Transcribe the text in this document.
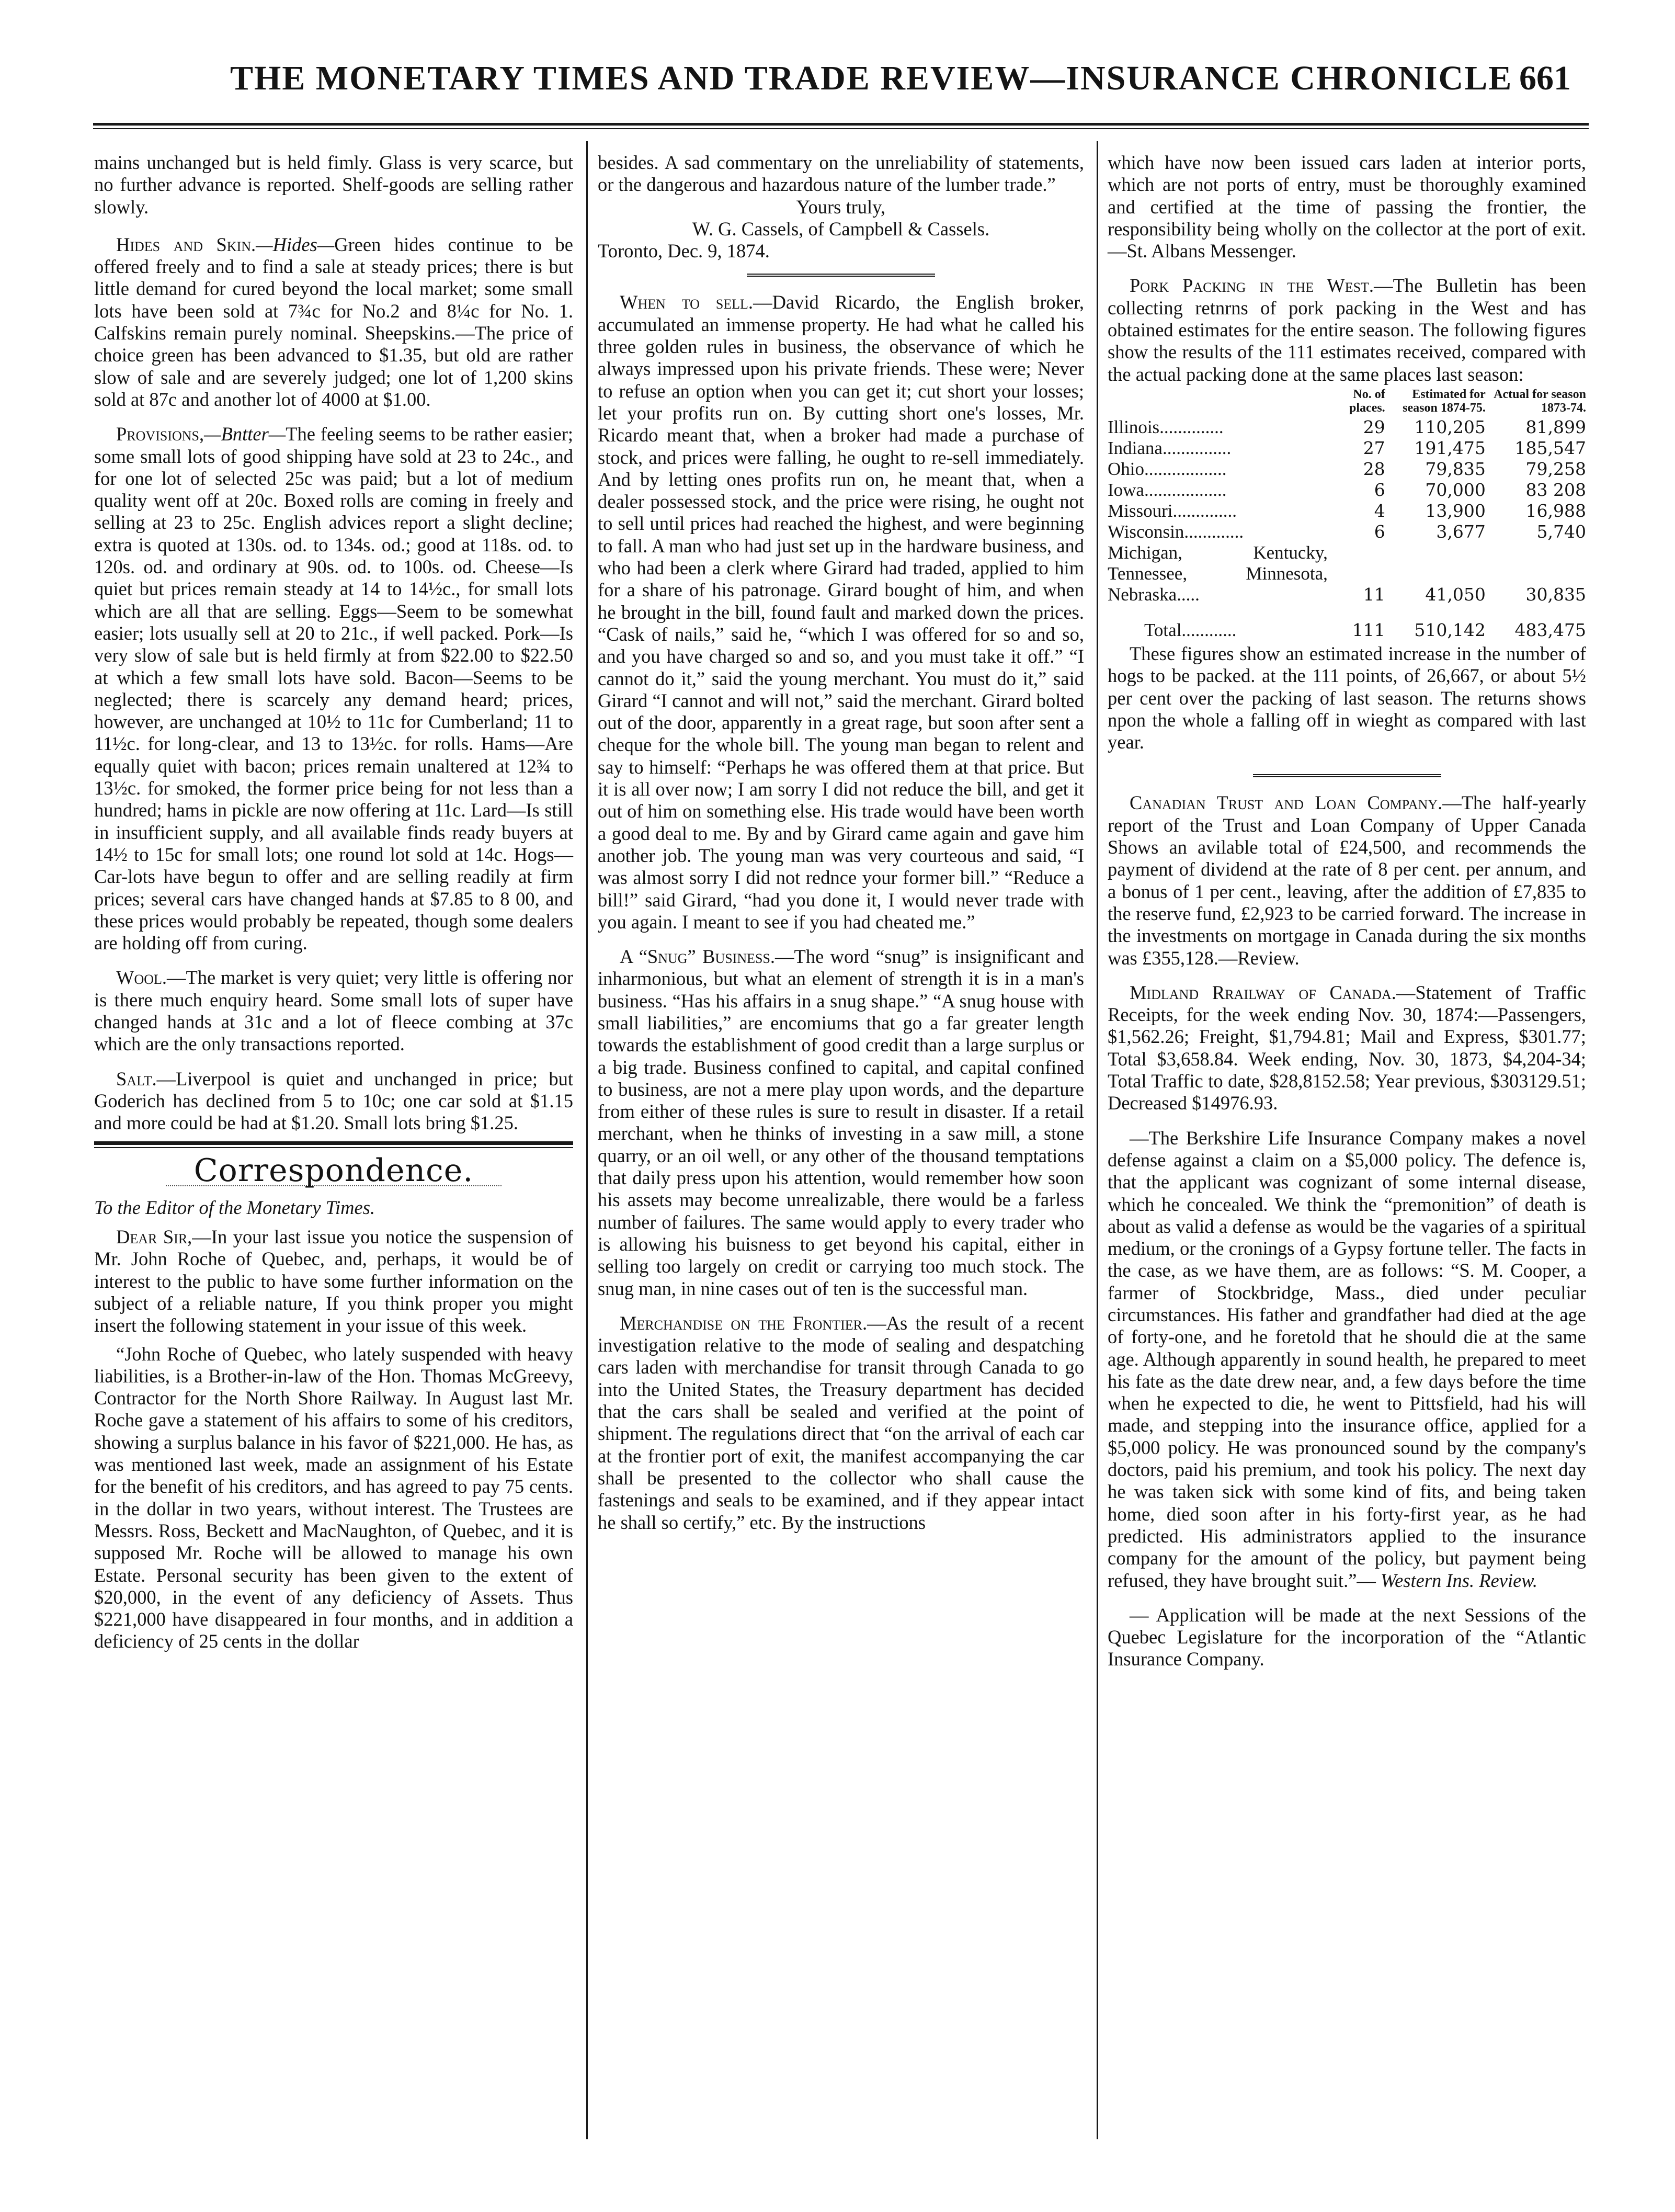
THE MONETARY TIMES AND TRADE REVIEW—INSURANCE CHRONICLE 661

mains unchanged but is held fimly. Glass is very scarce, but no further advance is reported. Shelf-goods are selling rather slowly.

Hides and Skin.—Hides—Green hides continue to be offered freely and to find a sale at steady prices; there is but little demand for cured beyond the local market; some small lots have been sold at 7¾c for No.2 and 8¼c for No. 1. Calfskins remain purely nominal. Sheepskins.—The price of choice green has been advanced to $1.35, but old are rather slow of sale and are severely judged; one lot of 1,200 skins sold at 87c and another lot of 4000 at $1.00.

Provisions,—Bntter—The feeling seems to be rather easier; some small lots of good shipping have sold at 23 to 24c., and for one lot of selected 25c was paid; but a lot of medium quality went off at 20c. Boxed rolls are coming in freely and selling at 23 to 25c. English advices report a slight decline; extra is quoted at 130s. od. to 134s. od.; good at 118s. od. to 120s. od. and ordinary at 90s. od. to 100s. od. Cheese—Is quiet but prices remain steady at 14 to 14½c., for small lots which are all that are selling. Eggs—Seem to be somewhat easier; lots usually sell at 20 to 21c., if well packed. Pork—Is very slow of sale but is held firmly at from $22.00 to $22.50 at which a few small lots have sold. Bacon—Seems to be neglected; there is scarcely any demand heard; prices, however, are unchanged at 10½ to 11c for Cumberland; 11 to 11½c. for long-clear, and 13 to 13½c. for rolls. Hams—Are equally quiet with bacon; prices remain unaltered at 12¾ to 13½c. for smoked, the former price being for not less than a hundred; hams in pickle are now offering at 11c. Lard—Is still in insufficient supply, and all available finds ready buyers at 14½ to 15c for small lots; one round lot sold at 14c. Hogs—Car-lots have begun to offer and are selling readily at firm prices; several cars have changed hands at $7.85 to 8 00, and these prices would probably be repeated, though some dealers are holding off from curing.

Wool.—The market is very quiet; very little is offering nor is there much enquiry heard. Some small lots of super have changed hands at 31c and a lot of fleece combing at 37c which are the only transactions reported.

Salt.—Liverpool is quiet and unchanged in price; but Goderich has declined from 5 to 10c; one car sold at $1.15 and more could be had at $1.20. Small lots bring $1.25.

Correspondence.

To the Editor of the Monetary Times.

Dear Sir,—In your last issue you notice the suspension of Mr. John Roche of Quebec, and, perhaps, it would be of interest to the public to have some further information on the subject of a reliable nature, If you think proper you might insert the following statement in your issue of this week.

“John Roche of Quebec, who lately suspended with heavy liabilities, is a Brother-in-law of the Hon. Thomas McGreevy, Contractor for the North Shore Railway. In August last Mr. Roche gave a statement of his affairs to some of his creditors, showing a surplus balance in his favor of $221,000. He has, as was mentioned last week, made an assignment of his Estate for the benefit of his creditors, and has agreed to pay 75 cents. in the dollar in two years, without interest. The Trustees are Messrs. Ross, Beckett and MacNaughton, of Quebec, and it is supposed Mr. Roche will be allowed to manage his own Estate. Personal security has been given to the extent of $20,000, in the event of any deficiency of Assets. Thus $221,000 have disappeared in four months, and in addition a deficiency of 25 cents in the dollar

besides. A sad commentary on the unreliability of statements, or the dangerous and hazardous nature of the lumber trade.”

Yours truly,

W. G. Cassels, of Campbell & Cassels.

Toronto, Dec. 9, 1874.

When to sell.—David Ricardo, the English broker, accumulated an immense property. He had what he called his three golden rules in business, the observance of which he always impressed upon his private friends. These were; Never to refuse an option when you can get it; cut short your losses; let your profits run on. By cutting short one's losses, Mr. Ricardo meant that, when a broker had made a purchase of stock, and prices were falling, he ought to re-sell immediately. And by letting ones profits run on, he meant that, when a dealer possessed stock, and the price were rising, he ought not to sell until prices had reached the highest, and were beginning to fall. A man who had just set up in the hardware business, and who had been a clerk where Girard had traded, applied to him for a share of his patronage. Girard bought of him, and when he brought in the bill, found fault and marked down the prices. “Cask of nails,” said he, “which I was offered for so and so, and you have charged so and so, and you must take it off.” “I cannot do it,” said the young merchant. You must do it,” said Girard “I cannot and will not,” said the merchant. Girard bolted out of the door, apparently in a great rage, but soon after sent a cheque for the whole bill. The young man began to relent and say to himself: “Perhaps he was offered them at that price. But it is all over now; I am sorry I did not reduce the bill, and get it out of him on something else. His trade would have been worth a good deal to me. By and by Girard came again and gave him another job. The young man was very courteous and said, “I was almost sorry I did not rednce your former bill.” “Reduce a bill!” said Girard, “had you done it, I would never trade with you again. I meant to see if you had cheated me.”

A “Snug” Business.—The word “snug” is insignificant and inharmonious, but what an element of strength it is in a man's business. “Has his affairs in a snug shape.” “A snug house with small liabilities,” are encomiums that go a far greater length towards the establishment of good credit than a large surplus or a big trade. Business confined to capital, and capital confined to business, are not a mere play upon words, and the departure from either of these rules is sure to result in disaster. If a retail merchant, when he thinks of investing in a saw mill, a stone quarry, or an oil well, or any other of the thousand temptations that daily press upon his attention, would remember how soon his assets may become unrealizable, there would be a farless number of failures. The same would apply to every trader who is allowing his buisness to get beyond his capital, either in selling too largely on credit or carrying too much stock. The snug man, in nine cases out of ten is the successful man.

Merchandise on the Frontier.—As the result of a recent investigation relative to the mode of sealing and despatching cars laden with merchandise for transit through Canada to go into the United States, the Treasury department has decided that the cars shall be sealed and verified at the point of shipment. The regulations direct that “on the arrival of each car at the frontier port of exit, the manifest accompanying the car shall be presented to the collector who shall cause the fastenings and seals to be examined, and if they appear intact he shall so certify,” etc. By the instructions

which have now been issued cars laden at interior ports, which are not ports of entry, must be thoroughly examined and certified at the time of passing the frontier, the responsibility being wholly on the collector at the port of exit. —St. Albans Messenger.

Pork Packing in the West.—The Bulletin has been collecting retnrns of pork packing in the West and has obtained estimates for the entire season. The following figures show the results of the 111 estimates received, compared with the actual packing done at the same places last season:

	No. of places.	Estimated for season 1874-75.	Actual for season 1873-74.
Illinois..............	29	110,205	81,899
Indiana...............	27	191,475	185,547
Ohio..................	28	79,835	79,258
Iowa..................	6	70,000	83 208
Missouri..............	4	13,900	16,988
Wisconsin.............	6	3,677	5,740
Michigan, Kentucky, Tennessee, Minnesota, Nebraska.....	11	41,050	30,835
Total............	111	510,142	483,475

These figures show an estimated increase in the number of hogs to be packed. at the 111 points, of 26,667, or about 5½ per cent over the packing of last season. The returns shows npon the whole a falling off in wieght as compared with last year.

Canadian Trust and Loan Company.—The half-yearly report of the Trust and Loan Company of Upper Canada Shows an avilable total of £24,500, and recommends the payment of dividend at the rate of 8 per cent. per annum, and a bonus of 1 per cent., leaving, after the addition of £7,835 to the reserve fund, £2,923 to be carried forward. The increase in the investments on mortgage in Canada during the six months was £355,128.—Review.

Midland Rrailway of Canada.—Statement of Traffic Receipts, for the week ending Nov. 30, 1874:—Passengers, $1,562.26; Freight, $1,794.81; Mail and Express, $301.77; Total $3,658.84. Week ending, Nov. 30, 1873, $4,204-34; Total Traffic to date, $28,8152.58; Year previous, $303129.51; Decreased $14976.93.

—The Berkshire Life Insurance Company makes a novel defense against a claim on a $5,000 policy. The defence is, that the applicant was cognizant of some internal disease, which he concealed. We think the “premonition” of death is about as valid a defense as would be the vagaries of a spiritual medium, or the cronings of a Gypsy fortune teller. The facts in the case, as we have them, are as follows: “S. M. Cooper, a farmer of Stockbridge, Mass., died under peculiar circumstances. His father and grandfather had died at the age of forty-one, and he foretold that he should die at the same age. Although apparently in sound health, he prepared to meet his fate as the date drew near, and, a few days before the time when he expected to die, he went to Pittsfield, had his will made, and stepping into the insurance office, applied for a $5,000 policy. He was pronounced sound by the company's doctors, paid his premium, and took his policy. The next day he was taken sick with some kind of fits, and being taken home, died soon after in his forty-first year, as he had predicted. His administrators applied to the insurance company for the amount of the policy, but payment being refused, they have brought suit.”— Western Ins. Review.

— Application will be made at the next Sessions of the Quebec Legislature for the incorporation of the “Atlantic Insurance Company.
